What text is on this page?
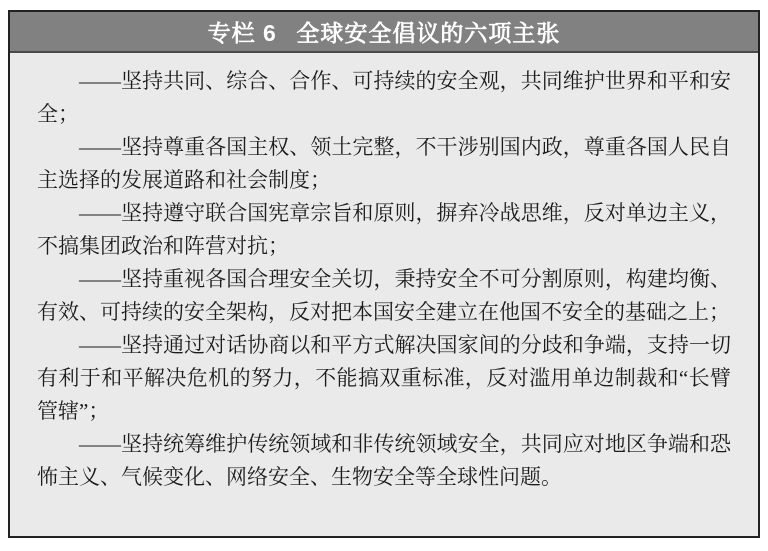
专栏 6 全球安全倡议的六项主张

——坚持共同、综合、合作、可持续的安全观，共同维护世界和平和安全；

——坚持尊重各国主权、领土完整，不干涉别国内政，尊重各国人民自主选择的发展道路和社会制度；

——坚持遵守联合国宪章宗旨和原则，摒弃冷战思维，反对单边主义，不搞集团政治和阵营对抗；

——坚持重视各国合理安全关切，秉持安全不可分割原则，构建均衡、有效、可持续的安全架构，反对把本国安全建立在他国不安全的基础之上；

——坚持通过对话协商以和平方式解决国家间的分歧和争端，支持一切有利于和平解决危机的努力，不能搞双重标准，反对滥用单边制裁和“长臂管辖”；

——坚持统筹维护传统领域和非传统领域安全，共同应对地区争端和恐怖主义、气候变化、网络安全、生物安全等全球性问题。
